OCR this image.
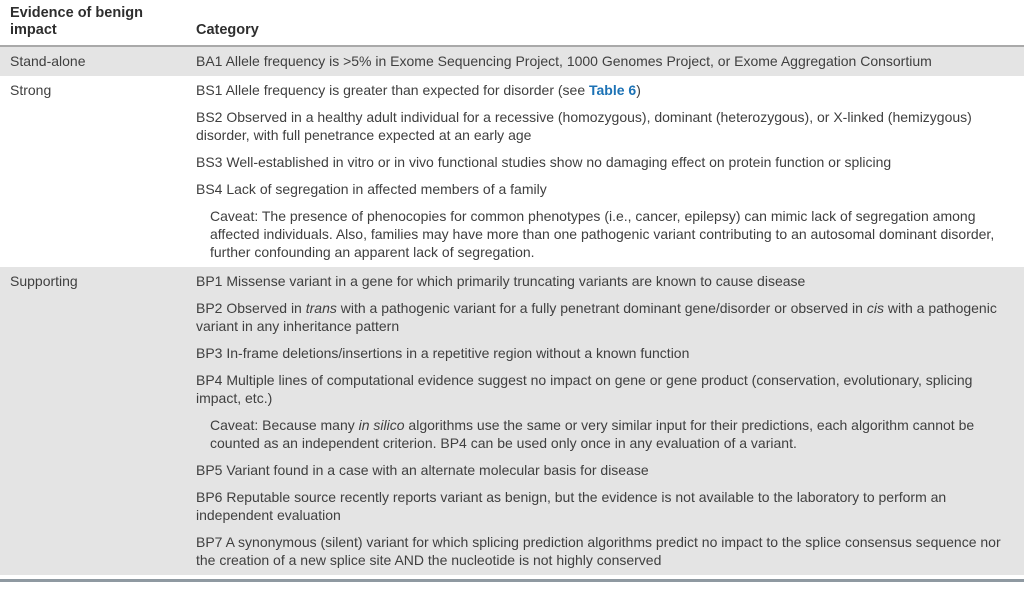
Evidence of benign impact	Category
Stand-alone	BA1 Allele frequency is >5% in Exome Sequencing Project, 1000 Genomes Project, or Exome Aggregation Consortium

Strong	BS1 Allele frequency is greater than expected for disorder (see Table 6)

BS2 Observed in a healthy adult individual for a recessive (homozygous), dominant (heterozygous), or X-linked (hemizygous) disorder, with full penetrance expected at an early age

BS3 Well-established in vitro or in vivo functional studies show no damaging effect on protein function or splicing

BS4 Lack of segregation in affected members of a family

Caveat: The presence of phenocopies for common phenotypes (i.e., cancer, epilepsy) can mimic lack of segregation among affected individuals. Also, families may have more than one pathogenic variant contributing to an autosomal dominant disorder, further confounding an apparent lack of segregation.

Supporting	BP1 Missense variant in a gene for which primarily truncating variants are known to cause disease

BP2 Observed in trans with a pathogenic variant for a fully penetrant dominant gene/disorder or observed in cis with a pathogenic variant in any inheritance pattern

BP3 In-frame deletions/insertions in a repetitive region without a known function

BP4 Multiple lines of computational evidence suggest no impact on gene or gene product (conservation, evolutionary, splicing impact, etc.)

Caveat: Because many in silico algorithms use the same or very similar input for their predictions, each algorithm cannot be counted as an independent criterion. BP4 can be used only once in any evaluation of a variant.

BP5 Variant found in a case with an alternate molecular basis for disease

BP6 Reputable source recently reports variant as benign, but the evidence is not available to the laboratory to perform an independent evaluation

BP7 A synonymous (silent) variant for which splicing prediction algorithms predict no impact to the splice consensus sequence nor the creation of a new splice site AND the nucleotide is not highly conserved
